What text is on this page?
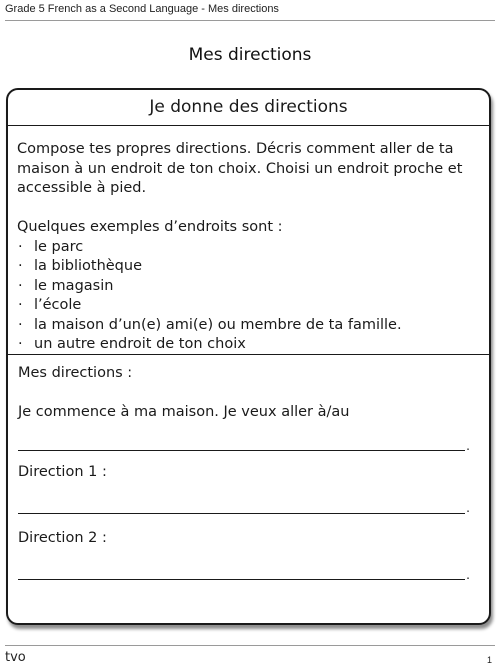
Grade 5 French as a Second Language - Mes directions
Mes directions
Je donne des directions

Compose tes propres directions. Décris comment aller de ta maison à un endroit de ton choix. Choisi un endroit proche et accessible à pied.

Quelques exemples d’endroits sont :

· le parc
· la bibliothèque
· le magasin
· l’école
· la maison d’un(e) ami(e) ou membre de ta famille.
· un autre endroit de ton choix

Mes directions :

Je commence à ma maison. Je veux aller à/au

.

Direction 1 :

.

Direction 2 :

.
tvo	1
